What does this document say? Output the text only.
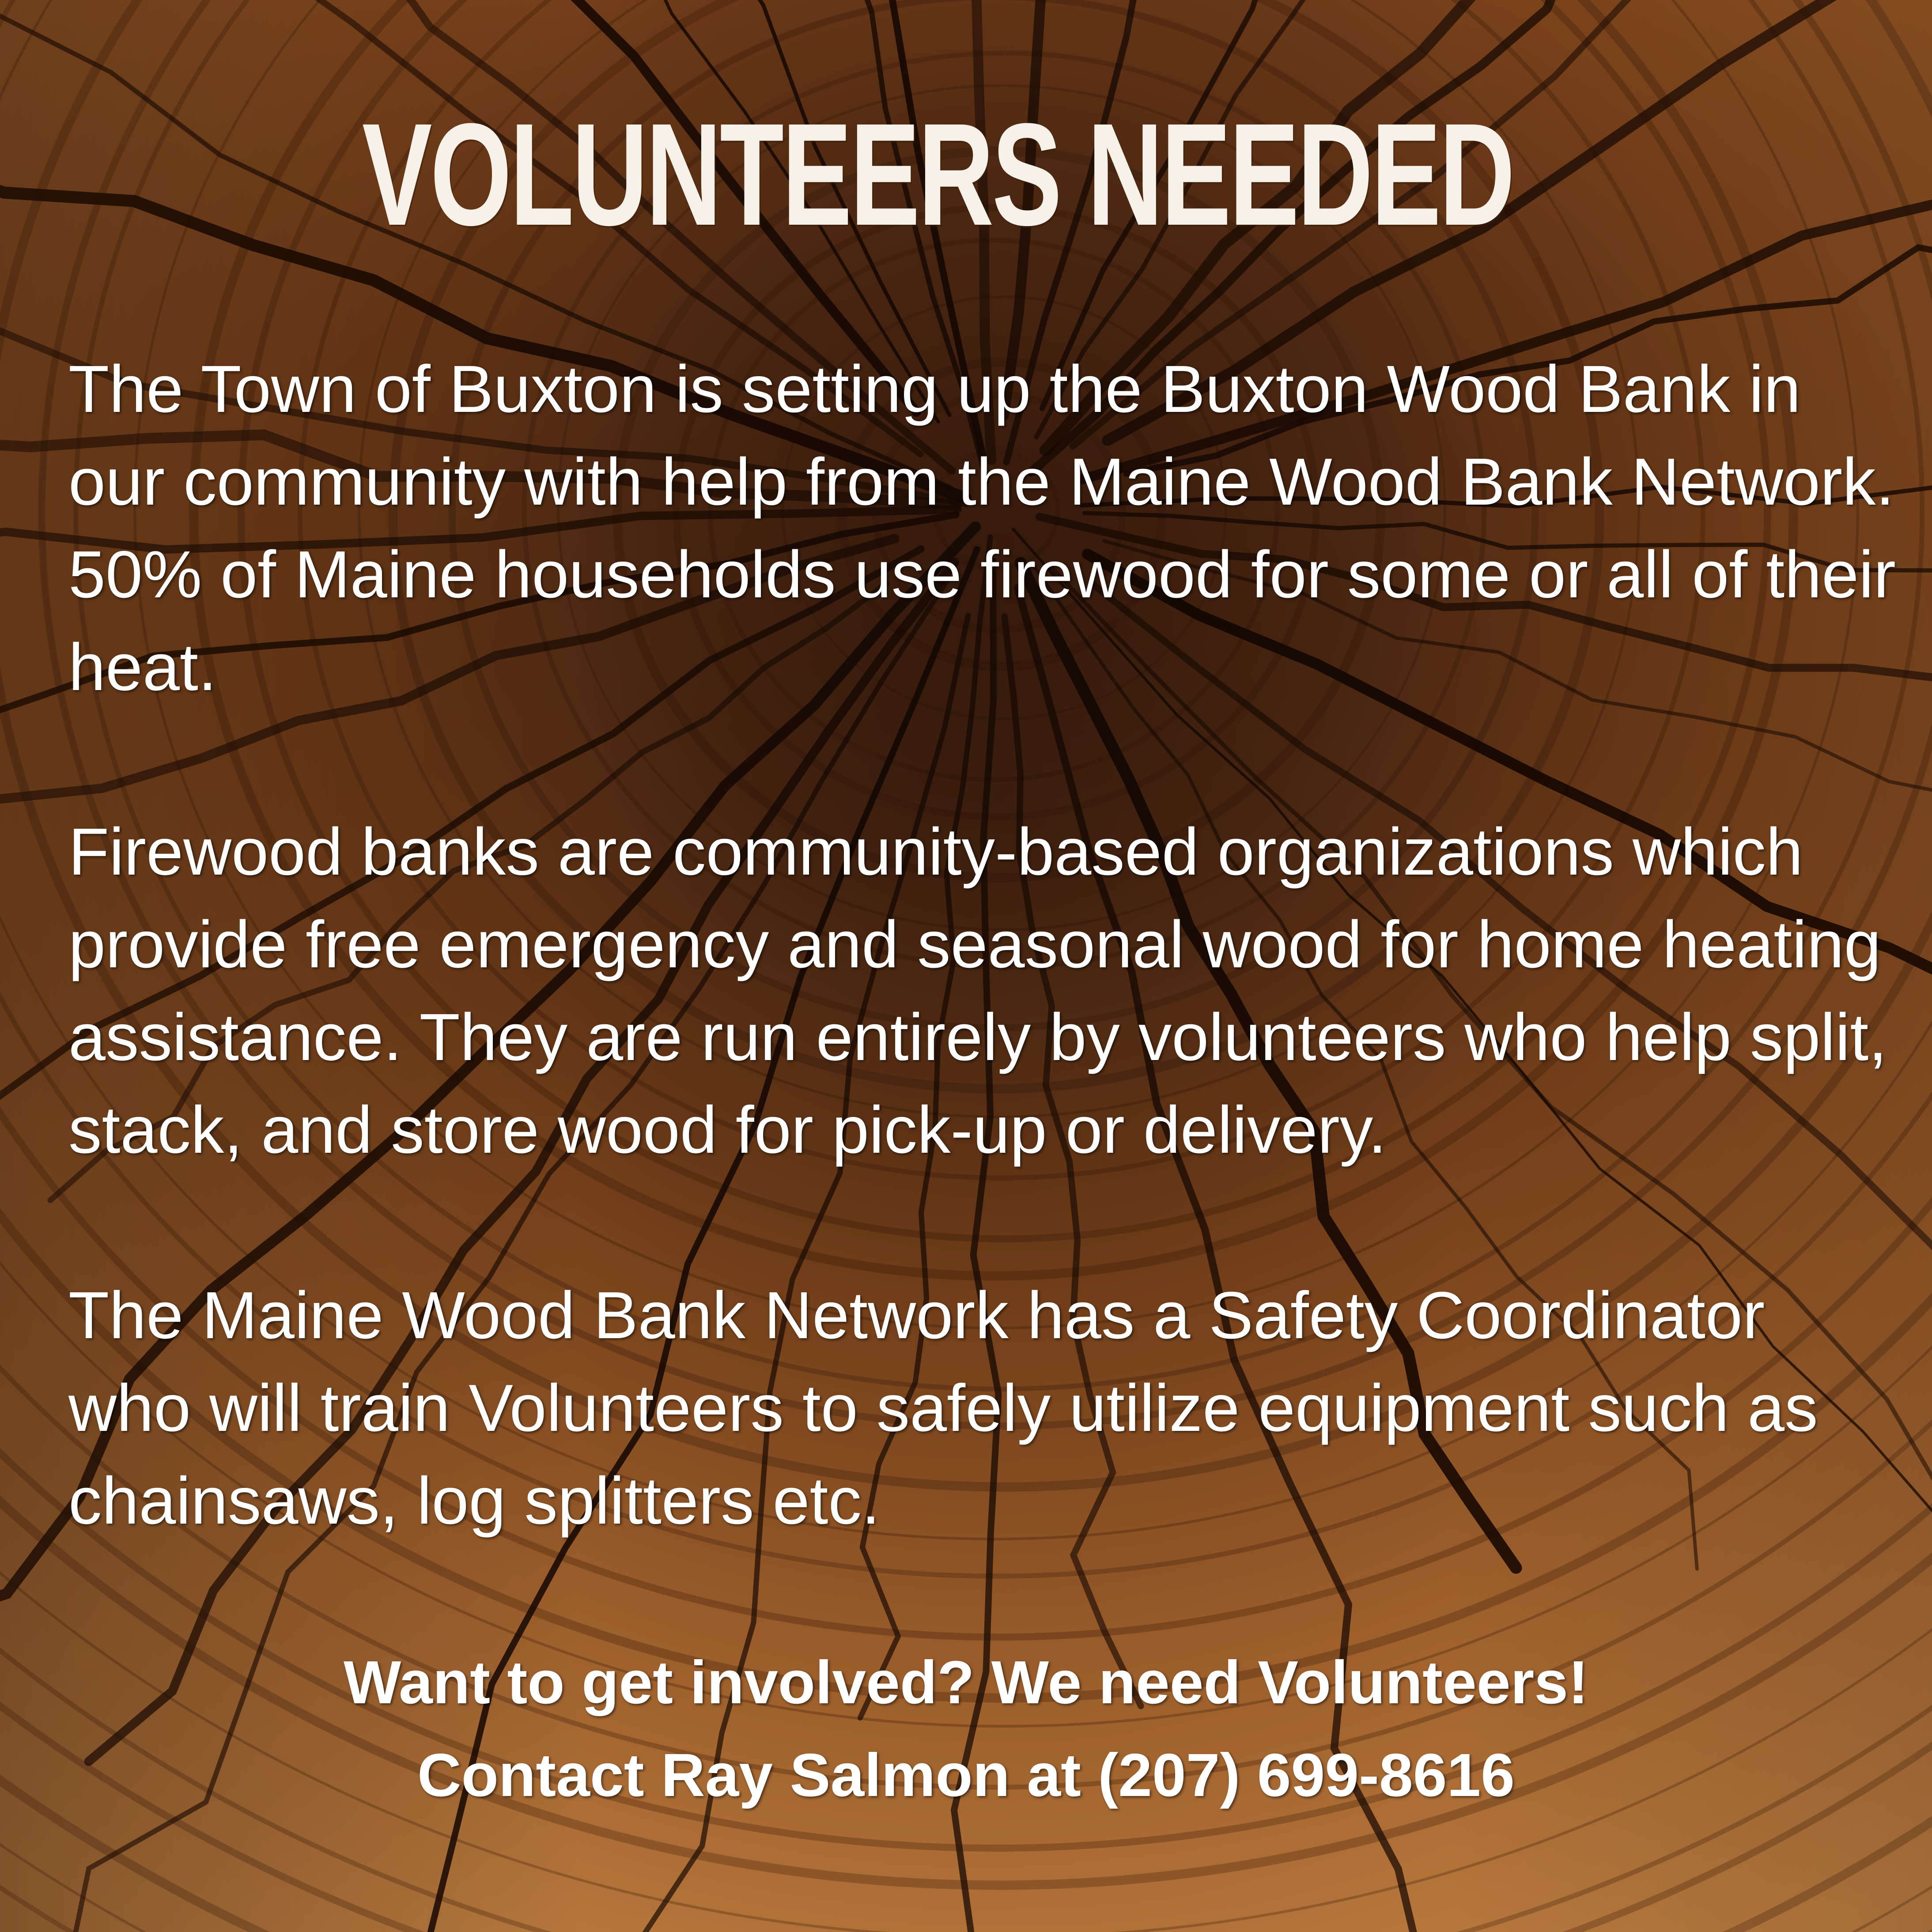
VOLUNTEERS NEEDED

The Town of Buxton is setting up the Buxton Wood Bank in our community with help from the Maine Wood Bank Network. 50% of Maine households use firewood for some or all of their heat.

Firewood banks are community-based organizations which provide free emergency and seasonal wood for home heating assistance. They are run entirely by volunteers who help split, stack, and store wood for pick-up or delivery.

The Maine Wood Bank Network has a Safety Coordinator who will train Volunteers to safely utilize equipment such as chainsaws, log splitters etc.

Want to get involved? We need Volunteers!

Contact Ray Salmon at (207) 699-8616
